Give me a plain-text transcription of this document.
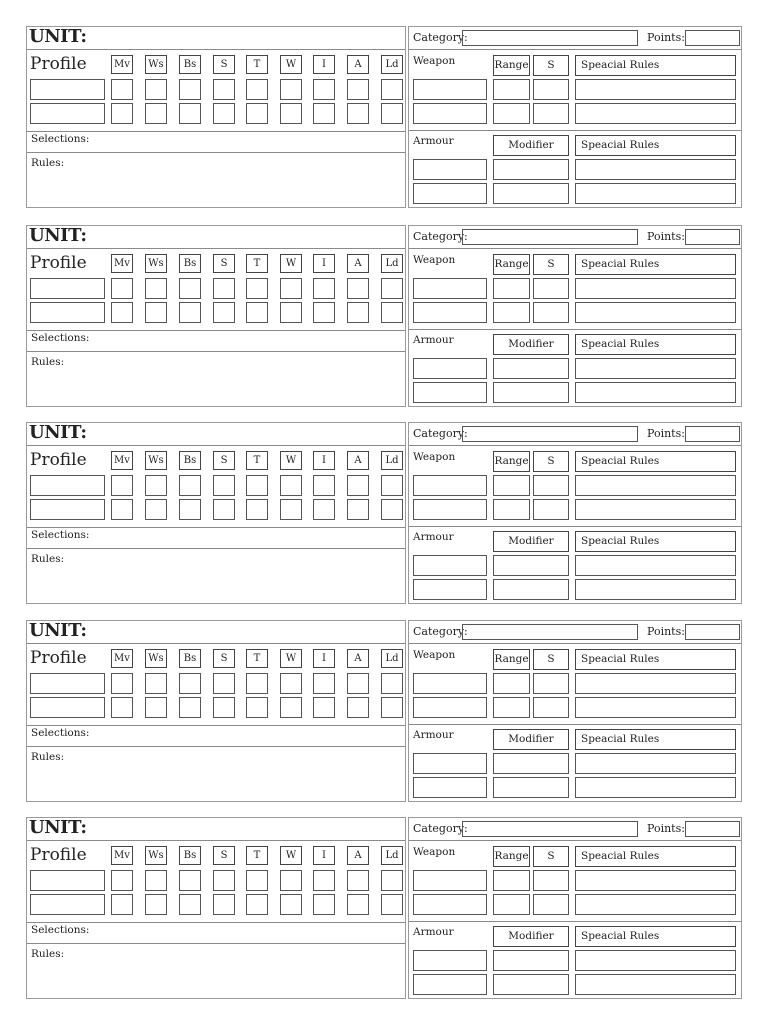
UNIT:
Profile	Mv	Ws	Bs	S	T	W	I	A	Ld
Selections:
Rules:
Category:	Points:
Weapon	Range	S	Speacial Rules
Armour	Modifier	Speacial Rules
UNIT:
Profile	Mv	Ws	Bs	S	T	W	I	A	Ld
Selections:
Rules:
Category:	Points:
Weapon	Range	S	Speacial Rules
Armour	Modifier	Speacial Rules
UNIT:
Profile	Mv	Ws	Bs	S	T	W	I	A	Ld
Selections:
Rules:
Category:	Points:
Weapon	Range	S	Speacial Rules
Armour	Modifier	Speacial Rules
UNIT:
Profile	Mv	Ws	Bs	S	T	W	I	A	Ld
Selections:
Rules:
Category:	Points:
Weapon	Range	S	Speacial Rules
Armour	Modifier	Speacial Rules
UNIT:
Profile	Mv	Ws	Bs	S	T	W	I	A	Ld
Selections:
Rules:
Category:	Points:
Weapon	Range	S	Speacial Rules
Armour	Modifier	Speacial Rules
